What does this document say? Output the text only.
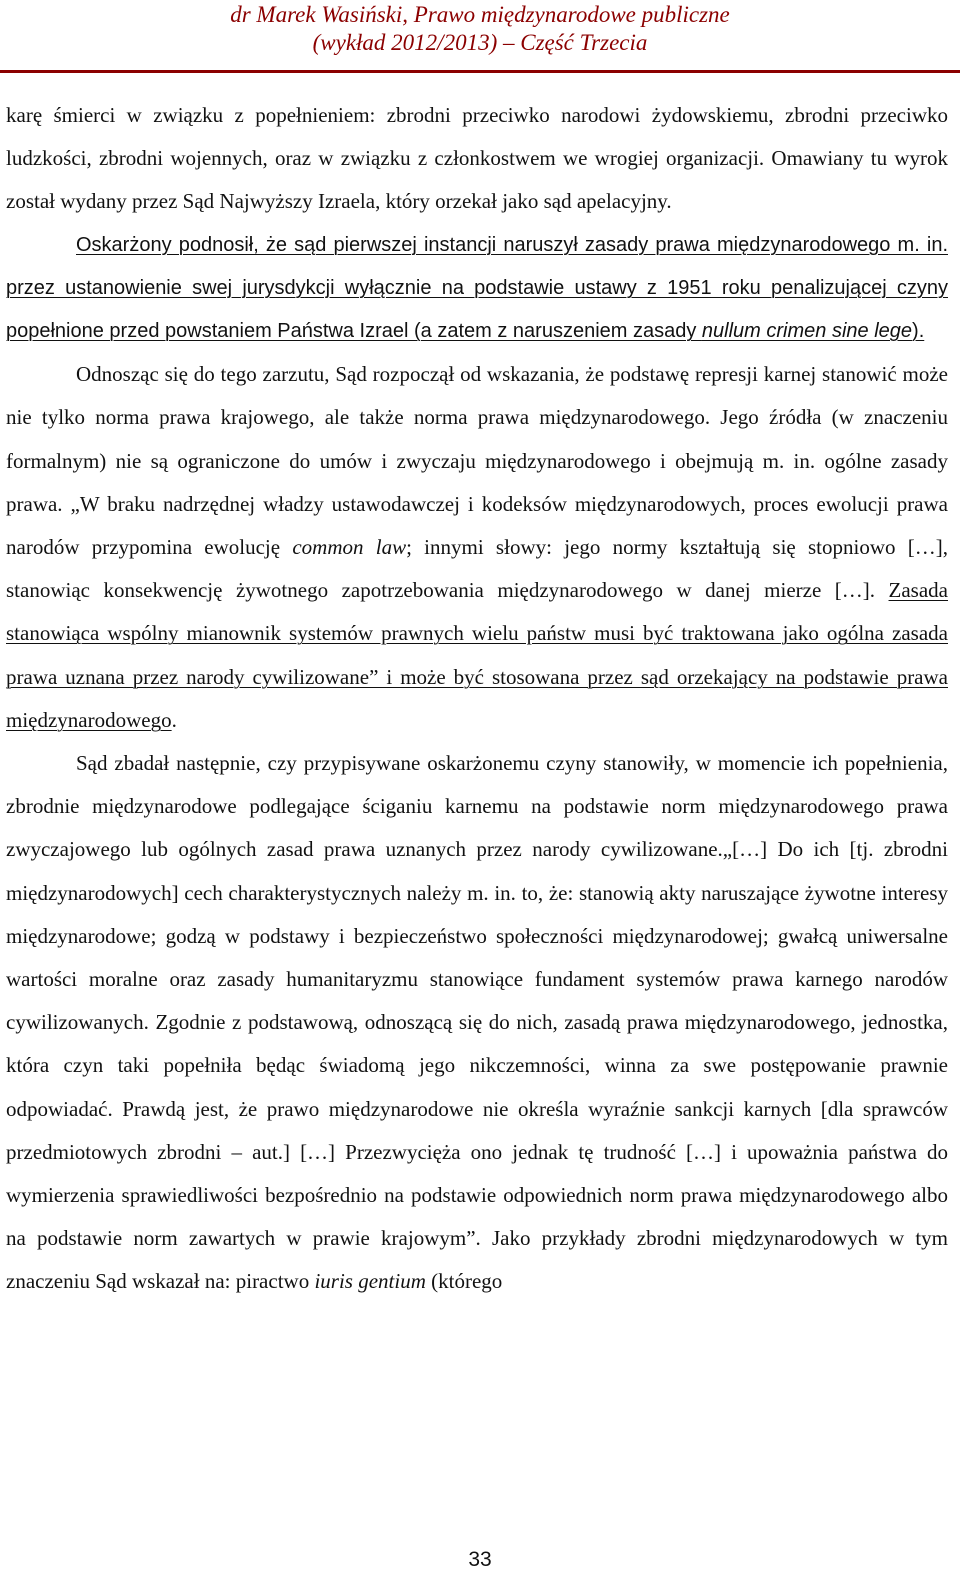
dr Marek Wasiński, Prawo międzynarodowe publiczne
(wykład 2012/2013) – Część Trzecia

karę śmierci w związku z popełnieniem: zbrodni przeciwko narodowi żydowskiemu, zbrodni przeciwko ludzkości, zbrodni wojennych, oraz w związku z członkostwem we wrogiej organizacji. Omawiany tu wyrok został wydany przez Sąd Najwyższy Izraela, który orzekał jako sąd apelacyjny.

Oskarżony podnosił, że sąd pierwszej instancji naruszył zasady prawa międzynarodowego m. in. przez ustanowienie swej jurysdykcji wyłącznie na podstawie ustawy z 1951 roku penalizującej czyny popełnione przed powstaniem Państwa Izrael (a zatem z naruszeniem zasady nullum crimen sine lege).

Odnosząc się do tego zarzutu, Sąd rozpoczął od wskazania, że podstawę represji karnej stanowić może nie tylko norma prawa krajowego, ale także norma prawa międzynarodowego. Jego źródła (w znaczeniu formalnym) nie są ograniczone do umów i zwyczaju międzynarodowego i obejmują m. in. ogólne zasady prawa. „W braku nadrzędnej władzy ustawodawczej i kodeksów międzynarodowych, proces ewolucji prawa narodów przypomina ewolucję common law; innymi słowy: jego normy kształtują się stopniowo […], stanowiąc konsekwencję żywotnego zapotrzebowania międzynarodowego w danej mierze […]. Zasada stanowiąca wspólny mianownik systemów prawnych wielu państw musi być traktowana jako ogólna zasada prawa uznana przez narody cywilizowane” i może być stosowana przez sąd orzekający na podstawie prawa międzynarodowego.

Sąd zbadał następnie, czy przypisywane oskarżonemu czyny stanowiły, w momencie ich popełnienia, zbrodnie międzynarodowe podlegające ściganiu karnemu na podstawie norm międzynarodowego prawa zwyczajowego lub ogólnych zasad prawa uznanych przez narody cywilizowane.„[…] Do ich [tj. zbrodni międzynarodowych] cech charakterystycznych należy m. in. to, że: stanowią akty naruszające żywotne interesy międzynarodowe; godzą w podstawy i bezpieczeństwo społeczności międzynarodowej; gwałcą uniwersalne wartości moralne oraz zasady humanitaryzmu stanowiące fundament systemów prawa karnego narodów cywilizowanych. Zgodnie z podstawową, odnoszącą się do nich, zasadą prawa międzynarodowego, jednostka, która czyn taki popełniła będąc świadomą jego nikczemności, winna za swe postępowanie prawnie odpowiadać. Prawdą jest, że prawo międzynarodowe nie określa wyraźnie sankcji karnych [dla sprawców przedmiotowych zbrodni – aut.] […] Przezwycięża ono jednak tę trudność […] i upoważnia państwa do wymierzenia sprawiedliwości bezpośrednio na podstawie odpowiednich norm prawa międzynarodowego albo na podstawie norm zawartych w prawie krajowym”. Jako przykłady zbrodni międzynarodowych w tym znaczeniu Sąd wskazał na: piractwo iuris gentium (którego

33
